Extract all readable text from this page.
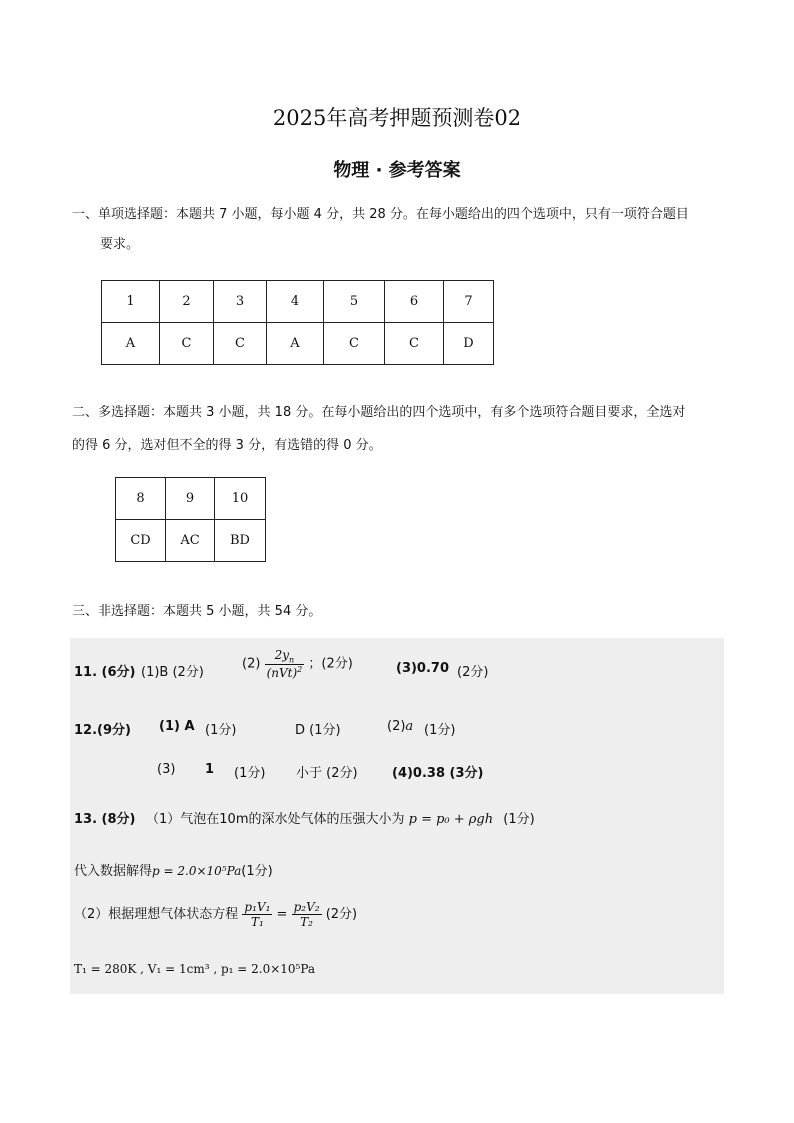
2025年高考押题预测卷02
物理 · 参考答案
一、单项选择题：本题共 7 小题，每小题 4 分，共 28 分。在每小题给出的四个选项中，只有一项符合题目
要求。
1	2	3	4	5	6	7
A	C	C	A	C	C	D
二、多选择题：本题共 3 小题，共 18 分。在每小题给出的四个选项中，有多个选项符合题目要求，全选对
的得 6 分，选对但不全的得 3 分，有选错的得 0 分。
8	9	10
CD	AC	BD
三、非选择题：本题共 5 小题，共 54 分。
11. (6分) (1)B (2分)
$(2) \frac{2y_n}{(nVt)^2}$ ；(2分)	(3)0.70 (2分)
12.(9分) (1) A (1分)	D (1分)	(2)a (1分)
(3) 1 (1分) 小于 (2分)	(4)0.38 (3分)
13. (8分) （1）气泡在10m的深水处气体的压强大小为 p = p₀ + ρgh (1分)
代入数据解得p = 2.0×10⁵Pa(1分)
（2）根据理想气体状态方程 $\frac{\text{p₁V₁}}{\text{T₁}} = \frac{\text{p₂V₂}}{\text{T₂}} (2$分)
T₁ = 280K , V₁ = 1cm³ , p₁ = 2.0×10⁵Pa
